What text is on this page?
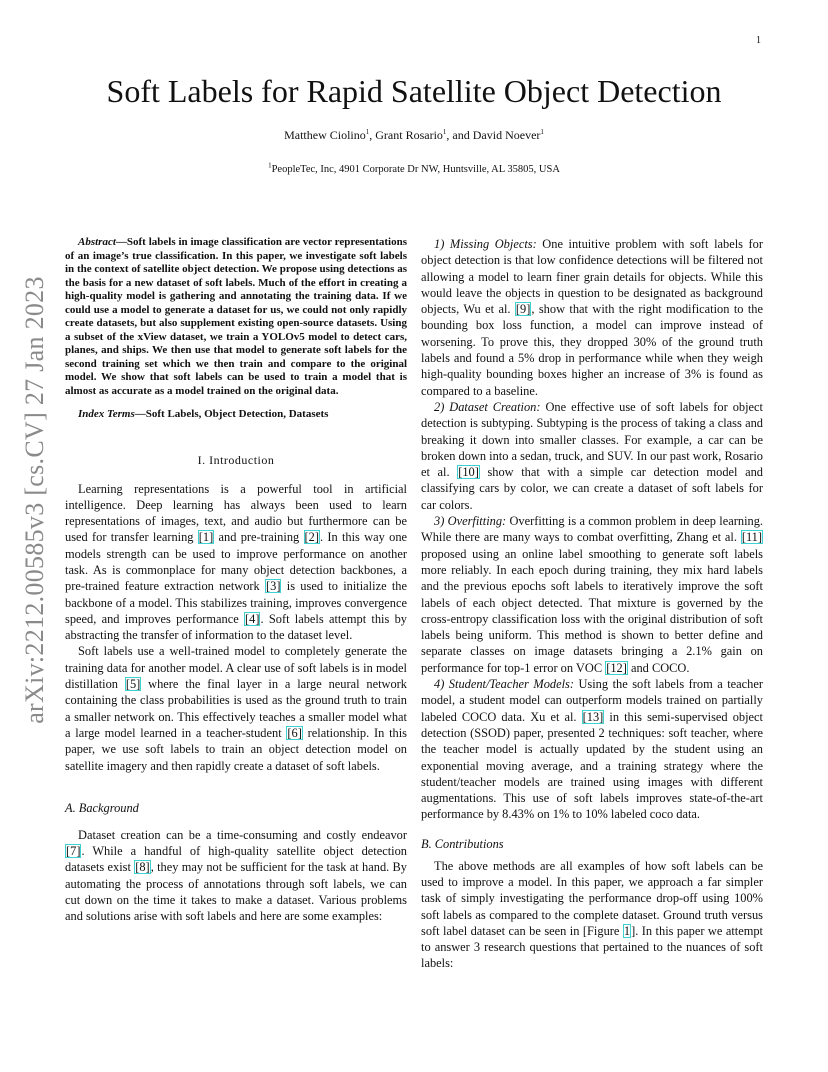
1
arXiv:2212.00585v3 [cs.CV] 27 Jan 2023
Soft Labels for Rapid Satellite Object Detection
Matthew Ciolino$^1$, Grant Rosario$^1$, and David Noever$^1$
$^1$PeopleTec, Inc, 4901 Corporate Dr NW, Huntsville, AL 35805, USA

Abstract—Soft labels in image classification are vector representations of an image’s true classification. In this paper, we investigate soft labels in the context of satellite object detection. We propose using detections as the basis for a new dataset of soft labels. Much of the effort in creating a high-quality model is gathering and annotating the training data. If we could use a model to generate a dataset for us, we could not only rapidly create datasets, but also supplement existing open-source datasets. Using a subset of the xView dataset, we train a YOLOv5 model to detect cars, planes, and ships. We then use that model to generate soft labels for the second training set which we then train and compare to the original model. We show that soft labels can be used to train a model that is almost as accurate as a model trained on the original data.

Index Terms—Soft Labels, Object Detection, Datasets

I. Introduction

Learning representations is a powerful tool in artificial intelligence. Deep learning has always been used to learn representations of images, text, and audio but furthermore can be used for transfer learning [1] and pre-training [2]. In this way one models strength can be used to improve performance on another task. As is commonplace for many object detection backbones, a pre-trained feature extraction network [3] is used to initialize the backbone of a model. This stabilizes training, improves convergence speed, and improves performance [4]. Soft labels attempt this by abstracting the transfer of information to the dataset level.

Soft labels use a well-trained model to completely generate the training data for another model. A clear use of soft labels is in model distillation [5] where the final layer in a large neural network containing the class probabilities is used as the ground truth to train a smaller network on. This effectively teaches a smaller model what a large model learned in a teacher-student [6] relationship. In this paper, we use soft labels to train an object detection model on satellite imagery and then rapidly create a dataset of soft labels.

A. Background

Dataset creation can be a time-consuming and costly endeavor [7]. While a handful of high-quality satellite object detection datasets exist [8], they may not be sufficient for the task at hand. By automating the process of annotations through soft labels, we can cut down on the time it takes to make a dataset. Various problems and solutions arise with soft labels and here are some examples:

1) Missing Objects: One intuitive problem with soft labels for object detection is that low confidence detections will be filtered not allowing a model to learn finer grain details for objects. While this would leave the objects in question to be designated as background objects, Wu et al. [9], show that with the right modification to the bounding box loss function, a model can improve instead of worsening. To prove this, they dropped 30% of the ground truth labels and found a 5% drop in performance while when they weigh high-quality bounding boxes higher an increase of 3% is found as compared to a baseline.

2) Dataset Creation: One effective use of soft labels for object detection is subtyping. Subtyping is the process of taking a class and breaking it down into smaller classes. For example, a car can be broken down into a sedan, truck, and SUV. In our past work, Rosario et al. [10] show that with a simple car detection model and classifying cars by color, we can create a dataset of soft labels for car colors.

3) Overfitting: Overfitting is a common problem in deep learning. While there are many ways to combat overfitting, Zhang et al. [11] proposed using an online label smoothing to generate soft labels more reliably. In each epoch during training, they mix hard labels and the previous epochs soft labels to iteratively improve the soft labels of each object detected. That mixture is governed by the cross-entropy classification loss with the original distribution of soft labels being uniform. This method is shown to better define and separate classes on image datasets bringing a 2.1% gain on performance for top-1 error on VOC [12] and COCO.

4) Student/Teacher Models: Using the soft labels from a teacher model, a student model can outperform models trained on partially labeled COCO data. Xu et al. [13] in this semi-supervised object detection (SSOD) paper, presented 2 techniques: soft teacher, where the teacher model is actually updated by the student using an exponential moving average, and a training strategy where the student/teacher models are trained using images with different augmentations. This use of soft labels improves state-of-the-art performance by 8.43% on 1% to 10% labeled coco data.

B. Contributions

The above methods are all examples of how soft labels can be used to improve a model. In this paper, we approach a far simpler task of simply investigating the performance drop-off using 100% soft labels as compared to the complete dataset. Ground truth versus soft label dataset can be seen in [Figure 1]. In this paper we attempt to answer 3 research questions that pertained to the nuances of soft labels:
